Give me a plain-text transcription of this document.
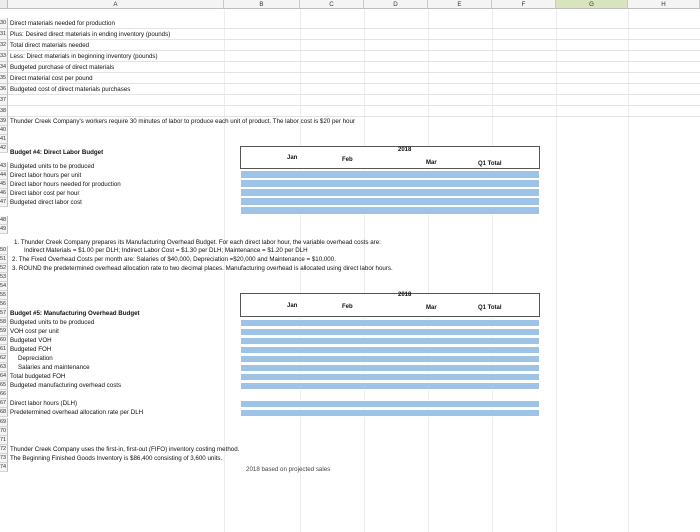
A	B	C	D	E	F	G	H
39 Thunder Creek Company's workers require 30 minutes of labor to produce each unit of product. The labor cost is $20 per hour
40
41
42	2018
Budget #4: Direct Labor Budget
Jan	Feb	Mar	Q1 Total
48
49
1. Thunder Creek Company prepares its Manufacturing Overhead Budget. For each direct labor hour, the variable overhead costs are:
50	Indirect Materials = $1.00 per DLH; Indirect Labor Cost = $1.30 per DLH; Maintenance = $1.20 per DLH
51 2. The Fixed Overhead Costs per month are: Salaries of $40,000, Depreciation =$20,000 and Maintenance = $10,000.
52 3. ROUND the predetermined overhead allocation rate to two decimal places. Manufacturing overhead is allocated using direct labor hours.
53
54
55
56
57
2018
Budget #5: Manufacturing Overhead Budget
Jan	Feb	Mar	Q1 Total
69
70
71
72 Thunder Creek Company uses the first-in, first-out (FIFO) inventory costing method.
73 The Beginning Finished Goods Inventory is $86,400 consisting of 3,600 units.
74	2018 based on projected sales
30 Direct materials needed for production
31 Plus: Desired direct materials in ending inventory (pounds)
32 Total direct materials needed
33 Less: Direct materials in beginning inventory (pounds)
34 Budgeted purchase of direct materials
35 Direct material cost per pound
36 Budgeted cost of direct materials purchases
37
38
43 Budgeted units to be produced
44 Direct labor hours per unit
45 Direct labor hours needed for production
46 Direct labor cost per hour
47 Budgeted direct labor cost
58 Budgeted units to be produced
59 VOH cost per unit
60 Budgeted VOH
61 Budgeted FOH
62	Depreciation
63	Salaries and maintenance
64 Total budgeted FOH
65 Budgeted manufacturing overhead costs
66
67 Direct labor hours (DLH)
68 Predetermined overhead allocation rate per DLH
